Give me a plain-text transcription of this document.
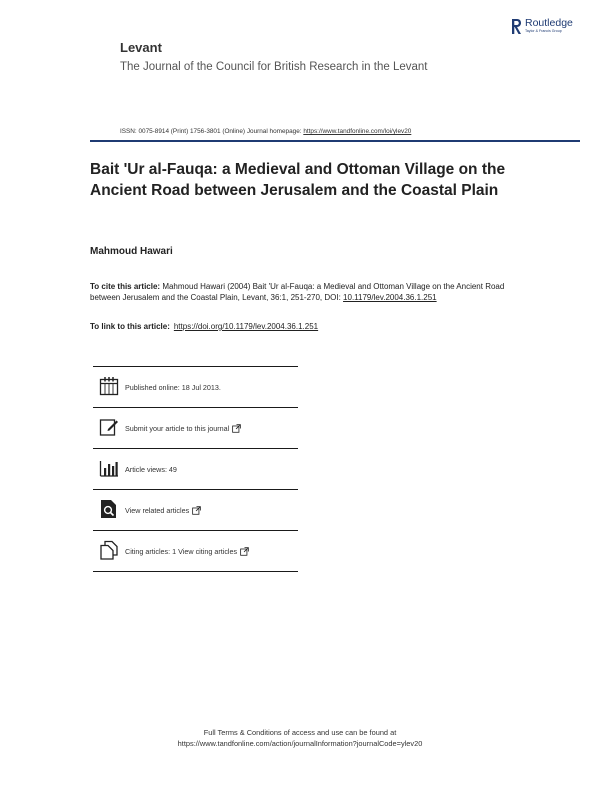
Levant
The Journal of the Council for British Research in the Levant
Routledge
Taylor & Francis Group
ISSN: 0075-8914 (Print) 1756-3801 (Online) Journal homepage: https://www.tandfonline.com/loi/ylev20
Bait 'Ur al-Fauqa: a Medieval and Ottoman Village on the Ancient Road between Jerusalem and the Coastal Plain
Mahmoud Hawari
To cite this article: Mahmoud Hawari (2004) Bait 'Ur al-Fauqa: a Medieval and Ottoman Village on the Ancient Road between Jerusalem and the Coastal Plain, Levant, 36:1, 251-270, DOI: 10.1179/lev.2004.36.1.251
To link to this article: https://doi.org/10.1179/lev.2004.36.1.251
Published online: 18 Jul 2013.
Submit your article to this journal
Article views: 49
View related articles
Citing articles: 1 View citing articles
Full Terms & Conditions of access and use can be found at
https://www.tandfonline.com/action/journalInformation?journalCode=ylev20
